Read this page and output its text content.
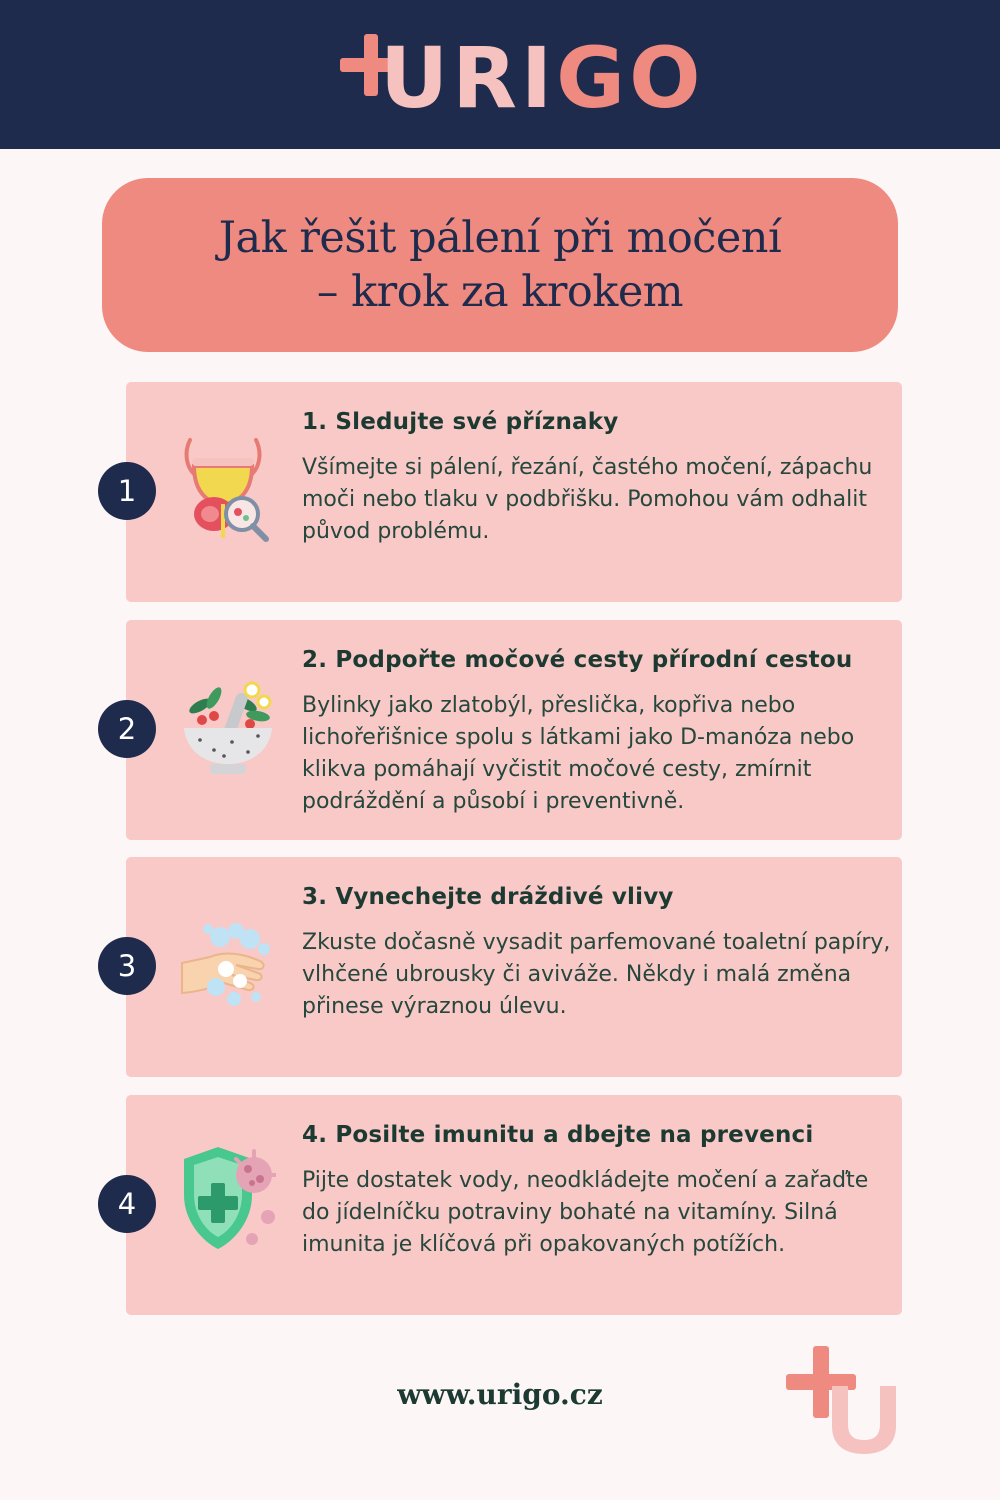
URIGO
Jak řešit pálení při močení
– krok za krokem
1
1. Sledujte své příznaky
Všímejte si pálení, řezání, častého močení, zápachu moči nebo tlaku v podbřišku. Pomohou vám odhalit původ problému.
2
2. Podpořte močové cesty přírodní cestou
Bylinky jako zlatobýl, přeslička, kopřiva nebo lichořeřišnice spolu s látkami jako D-manóza nebo klikva pomáhají vyčistit močové cesty, zmírnit podráždění a působí i preventivně.
3
3. Vynechejte dráždivé vlivy
Zkuste dočasně vysadit parfemované toaletní papíry, vlhčené ubrousky či aviváže. Někdy i malá změna přinese výraznou úlevu.
4
4. Posilte imunitu a dbejte na prevenci
Pijte dostatek vody, neodkládejte močení a zařaďte do jídelníčku potraviny bohaté na vitamíny. Silná imunita je klíčová při opakovaných potížích.
www.urigo.cz
